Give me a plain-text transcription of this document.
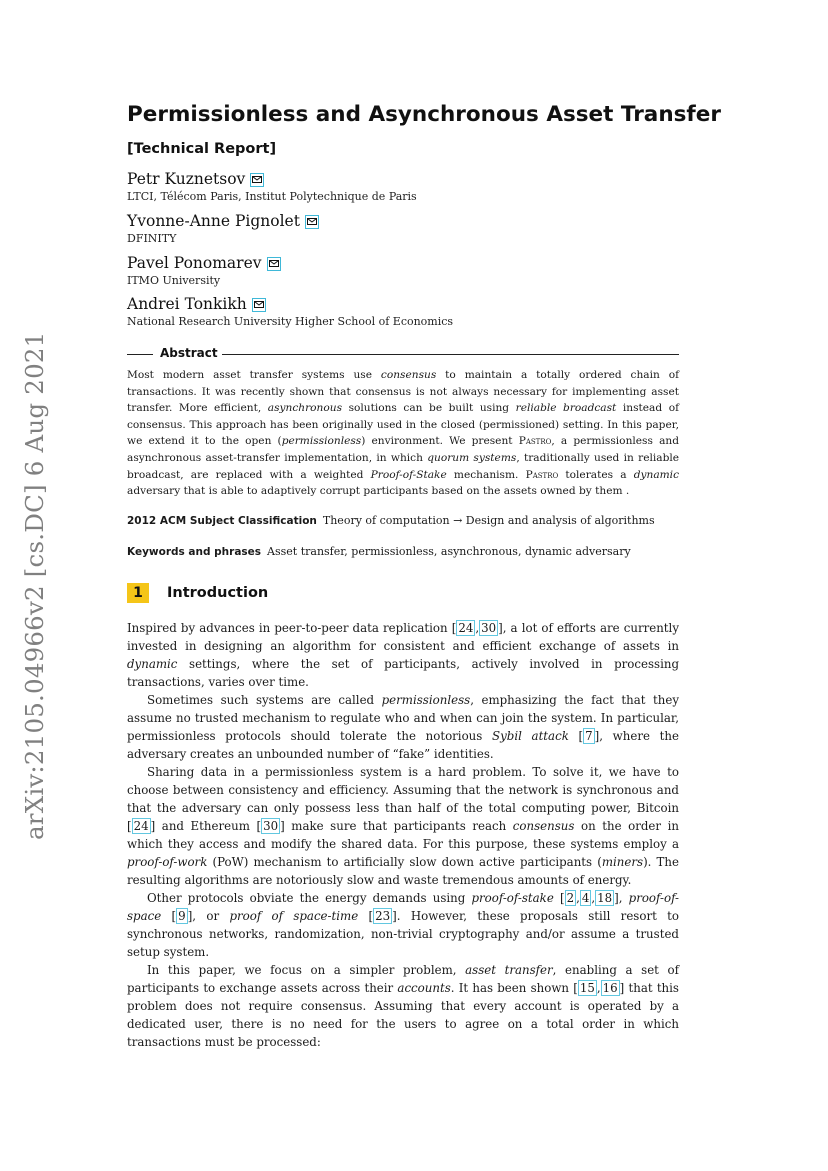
arXiv:2105.04966v2 [cs.DC] 6 Aug 2021
Permissionless and Asynchronous Asset Transfer
[Technical Report]
Petr Kuznetsov
LTCI, Télécom Paris, Institut Polytechnique de Paris
Yvonne-Anne Pignolet
DFINITY
Pavel Ponomarev
ITMO University
Andrei Tonkikh
National Research University Higher School of Economics
Abstract
Most modern asset transfer systems use consensus to maintain a totally ordered chain of transactions. It was recently shown that consensus is not always necessary for implementing asset transfer. More efficient, asynchronous solutions can be built using reliable broadcast instead of consensus. This approach has been originally used in the closed (permissioned) setting. In this paper, we extend it to the open (permissionless) environment. We present Pastro, a permissionless and asynchronous asset-transfer implementation, in which quorum systems, traditionally used in reliable broadcast, are replaced with a weighted Proof-of-Stake mechanism. Pastro tolerates a dynamic adversary that is able to adaptively corrupt participants based on the assets owned by them .
2012 ACM Subject Classification Theory of computation → Design and analysis of algorithms
Keywords and phrases Asset transfer, permissionless, asynchronous, dynamic adversary
1	Introduction

Inspired by advances in peer-to-peer data replication [ 24 , 30 ], a lot of efforts are currently invested in designing an algorithm for consistent and efficient exchange of assets in dynamic settings, where the set of participants, actively involved in processing transactions, varies over time.

Sometimes such systems are called permissionless, emphasizing the fact that they assume no trusted mechanism to regulate who and when can join the system. In particular, permissionless protocols should tolerate the notorious Sybil attack [ 7 ], where the adversary creates an unbounded number of “fake” identities.

Sharing data in a permissionless system is a hard problem. To solve it, we have to choose between consistency and efficiency. Assuming that the network is synchronous and that the adversary can only possess less than half of the total computing power, Bitcoin [ 24 ] and Ethereum [ 30 ] make sure that participants reach consensus on the order in which they access and modify the shared data. For this purpose, these systems employ a proof-of-work (PoW) mechanism to artificially slow down active participants (miners). The resulting algorithms are notoriously slow and waste tremendous amounts of energy.

Other protocols obviate the energy demands using proof-of-stake [ 2 , 4 , 18 ], proof-of-space [ 9 ], or proof of space-time [ 23 ]. However, these proposals still resort to synchronous networks, randomization, non-trivial cryptography and/or assume a trusted setup system.

In this paper, we focus on a simpler problem, asset transfer, enabling a set of participants to exchange assets across their accounts. It has been shown [ 15 , 16 ] that this problem does not require consensus. Assuming that every account is operated by a dedicated user, there is no need for the users to agree on a total order in which transactions must be processed:
